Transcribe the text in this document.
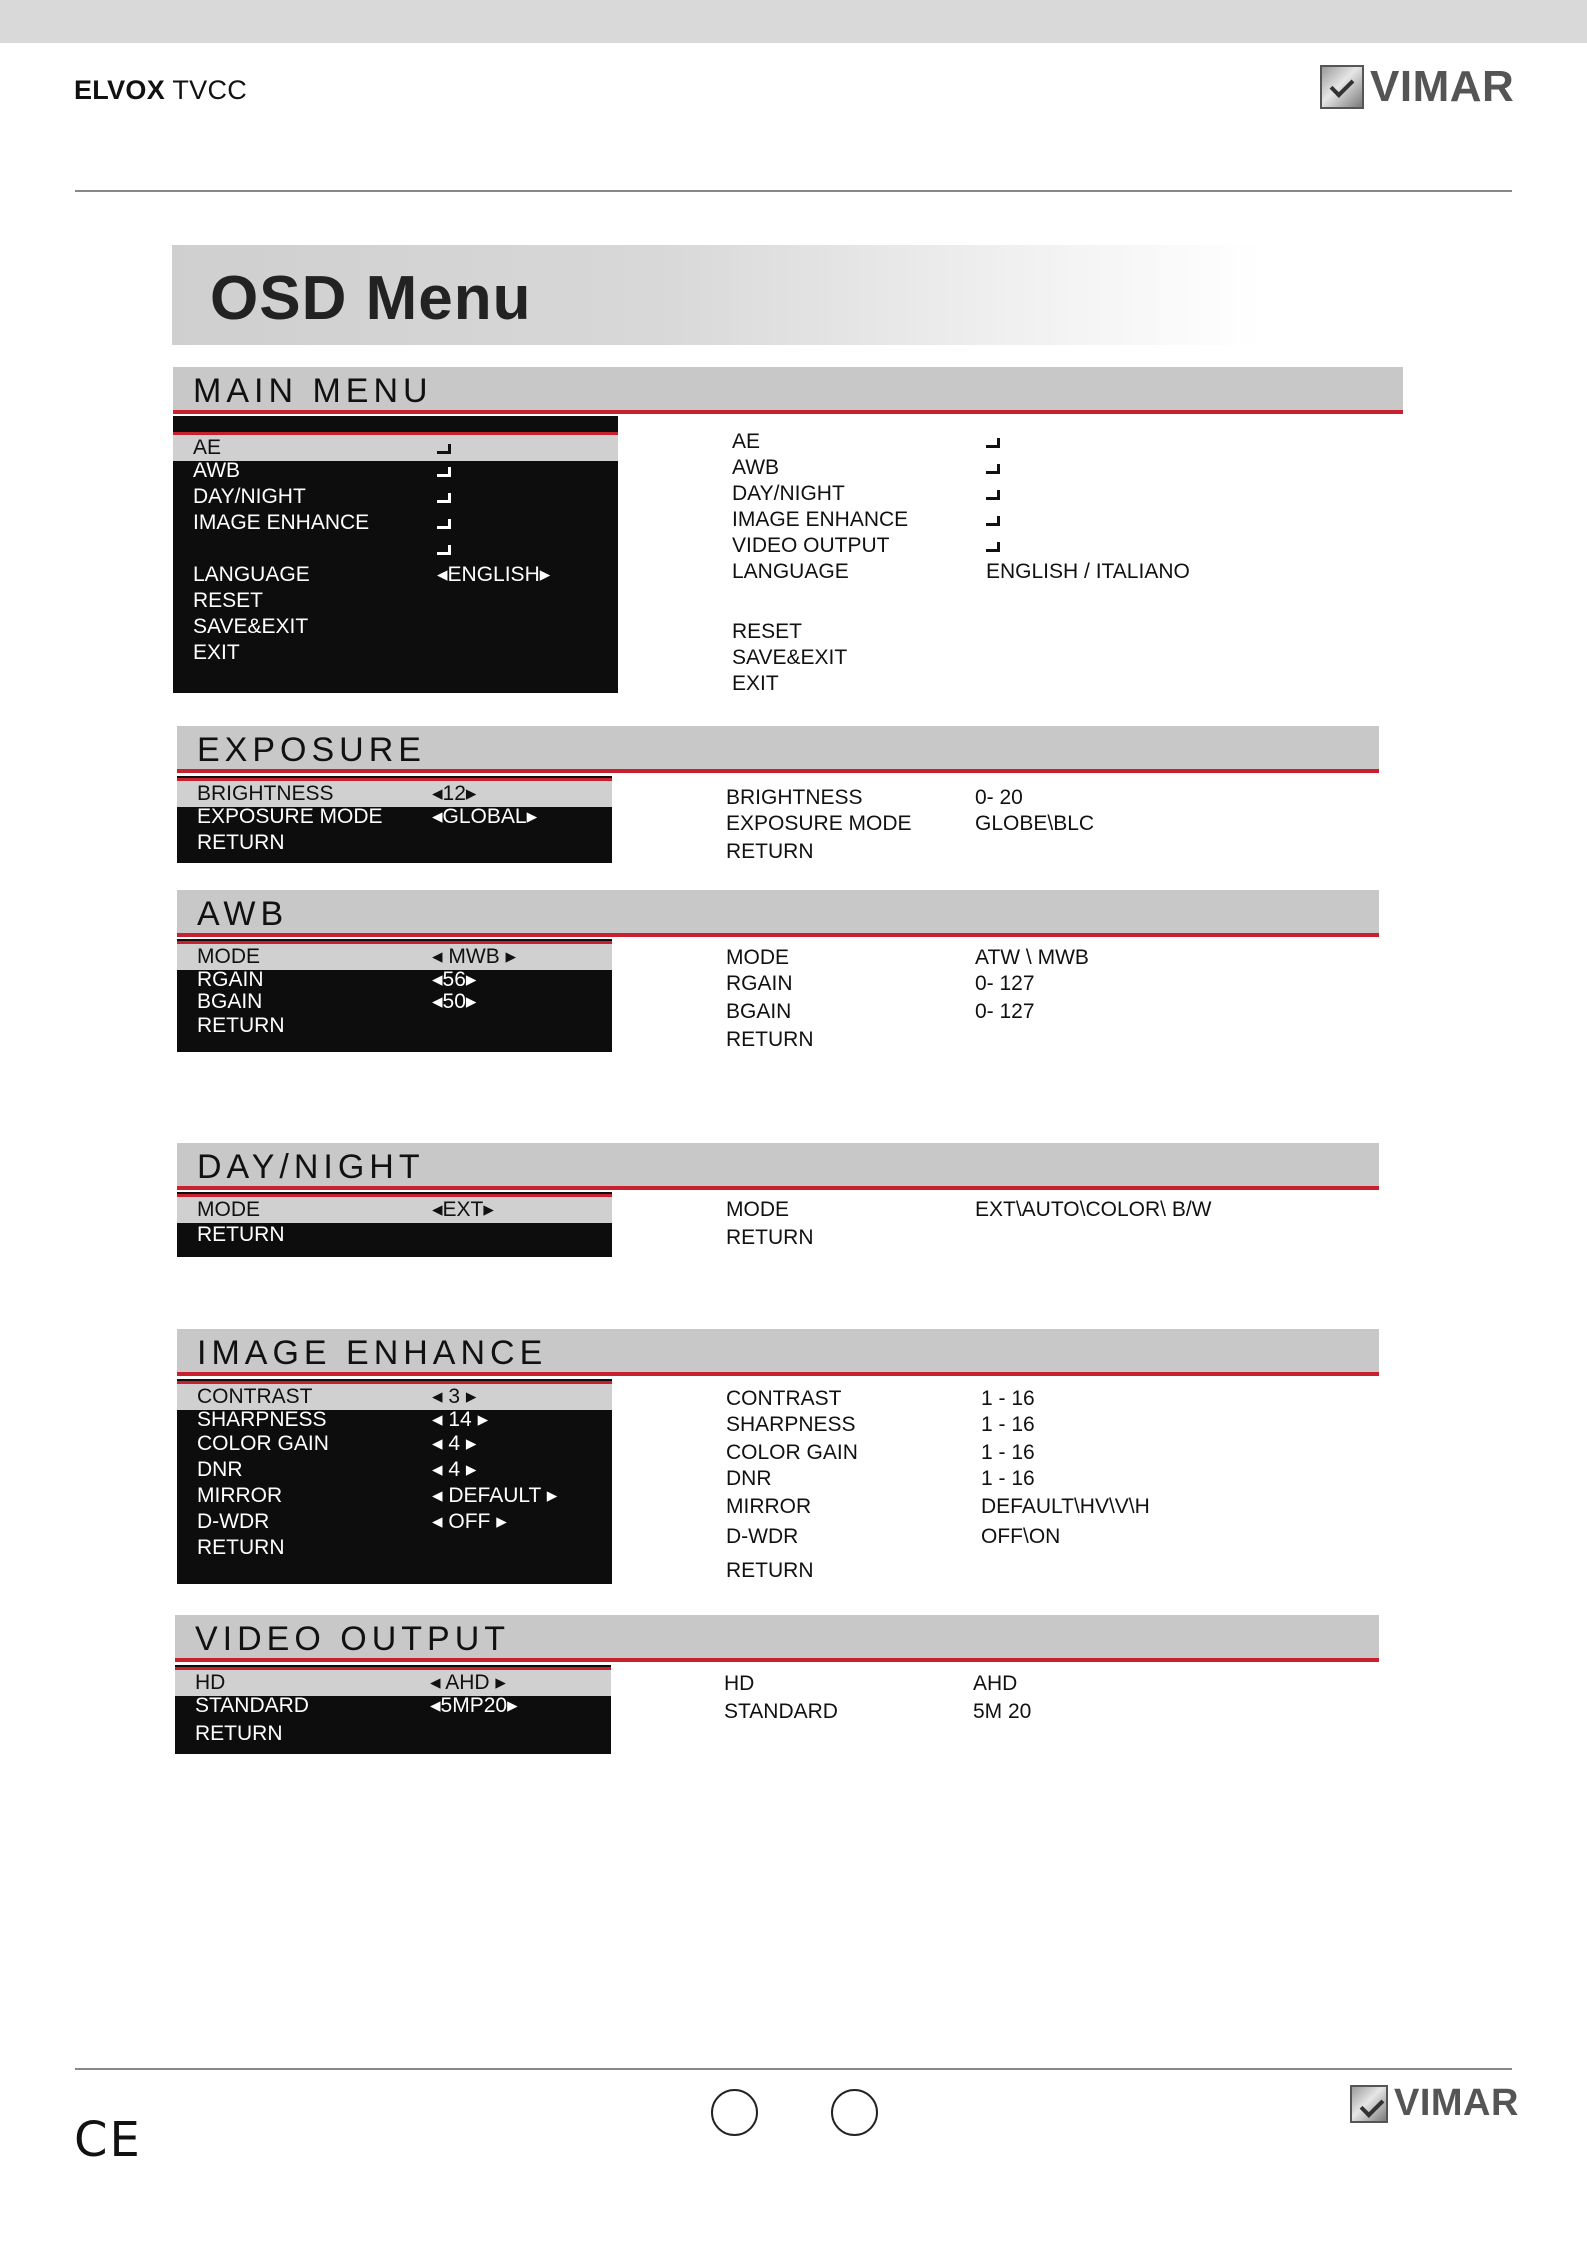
ELVOX TVCC	VIMAR
OSD Menu
MAIN MENU
AE
AWB
DAY/NIGHT
IMAGE ENHANCE
LANGUAGE	◂ENGLISH▸
RESET
SAVE&EXIT
EXIT
AE
AWB
DAY/NIGHT
IMAGE ENHANCE
VIDEO OUTPUT
LANGUAGE	ENGLISH / ITALIANO
RESET
SAVE&EXIT
EXIT
EXPOSURE
BRIGHTNESS	◂12▸
EXPOSURE MODE ◂GLOBAL▸
RETURN
BRIGHTNESS	0- 20
EXPOSURE MODE	GLOBE\BLC
RETURN
AWB
MODE	◂ MWB ▸
RGAIN	◂56▸
BGAIN	◂50▸
RETURN
MODE	ATW \ MWB
RGAIN	0- 127
BGAIN	0- 127
RETURN
DAY/NIGHT
MODE	◂EXT▸
RETURN
MODE	EXT\AUTO\COLOR\ B/W
RETURN
IMAGE ENHANCE
CONTRAST	◂ 3 ▸
SHARPNESS	◂ 14 ▸
COLOR GAIN	◂ 4 ▸
DNR	◂ 4 ▸
MIRROR	◂ DEFAULT ▸
D-WDR	◂ OFF ▸
RETURN
CONTRAST	1 - 16
SHARPNESS	1 - 16
COLOR GAIN	1 - 16
DNR	1 - 16
MIRROR	DEFAULT\HV\V\H
D-WDR	OFF\ON
RETURN
VIDEO OUTPUT
HD	◂ AHD ▸
STANDARD	◂5MP20▸
RETURN
HD	AHD
STANDARD	5M 20
CE
VIMAR
